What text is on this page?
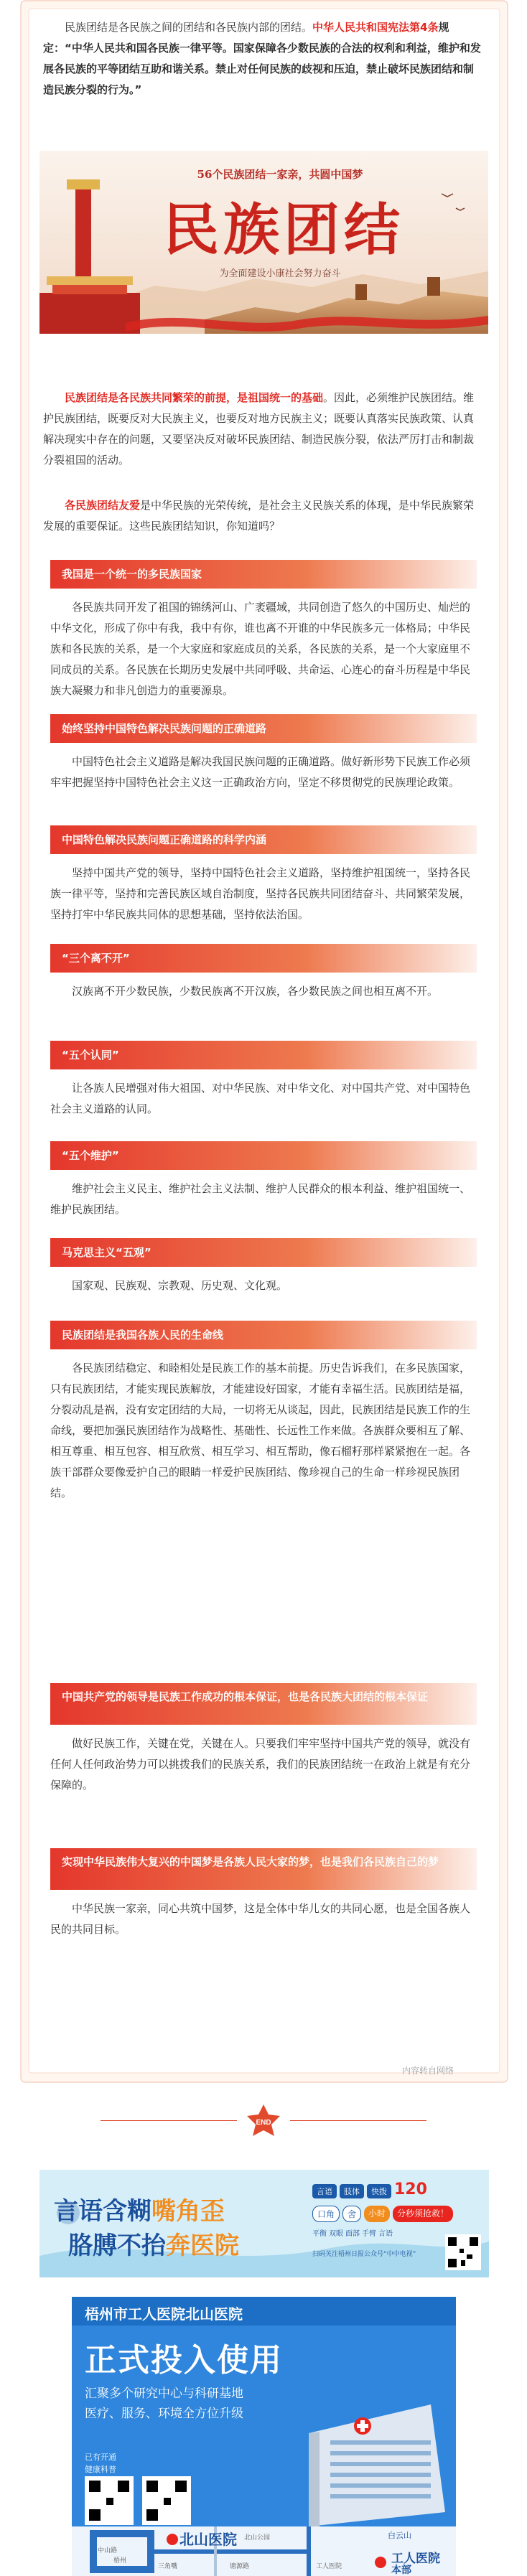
民族团结是各民族之间的团结和各民族内部的团结。中华人民共和国宪法第4条规定：“中华人民共和国各民族一律平等。国家保障各少数民族的合法的权利和利益，维护和发展各民族的平等团结互助和谐关系。禁止对任何民族的歧视和压迫，禁止破坏民族团结和制造民族分裂的行为。”

56个民族团结一家亲，共圆中国梦
民族团结
为全面建设小康社会努力奋斗

民族团结是各民族共同繁荣的前提，是祖国统一的基础。因此，必须维护民族团结。维护民族团结，既要反对大民族主义，也要反对地方民族主义；既要认真落实民族政策、认真解决现实中存在的问题，又要坚决反对破坏民族团结、制造民族分裂，依法严厉打击和制裁分裂祖国的活动。

各民族团结友爱是中华民族的光荣传统，是社会主义民族关系的体现，是中华民族繁荣发展的重要保证。这些民族团结知识，你知道吗？

我国是一个统一的多民族国家

各民族共同开发了祖国的锦绣河山、广袤疆域，共同创造了悠久的中国历史、灿烂的中华文化，形成了你中有我，我中有你，谁也离不开谁的中华民族多元一体格局；中华民族和各民族的关系，是一个大家庭和家庭成员的关系，各民族的关系，是一个大家庭里不同成员的关系。各民族在长期历史发展中共同呼吸、共命运、心连心的奋斗历程是中华民族大凝聚力和非凡创造力的重要源泉。

始终坚持中国特色解决民族问题的正确道路

中国特色社会主义道路是解决我国民族问题的正确道路。做好新形势下民族工作必须牢牢把握坚持中国特色社会主义这一正确政治方向，坚定不移贯彻党的民族理论政策。

中国特色解决民族问题正确道路的科学内涵

坚持中国共产党的领导，坚持中国特色社会主义道路，坚持维护祖国统一，坚持各民族一律平等，坚持和完善民族区域自治制度，坚持各民族共同团结奋斗、共同繁荣发展，坚持打牢中华民族共同体的思想基础，坚持依法治国。

“三个离不开”

汉族离不开少数民族，少数民族离不开汉族，各少数民族之间也相互离不开。

“五个认同”

让各族人民增强对伟大祖国、对中华民族、对中华文化、对中国共产党、对中国特色社会主义道路的认同。

“五个维护”

维护社会主义民主、维护社会主义法制、维护人民群众的根本利益、维护祖国统一、维护民族团结。

马克思主义“五观”

国家观、民族观、宗教观、历史观、文化观。

民族团结是我国各族人民的生命线

各民族团结稳定、和睦相处是民族工作的基本前提。历史告诉我们，在多民族国家，只有民族团结，才能实现民族解放，才能建设好国家，才能有幸福生活。民族团结是福，分裂动乱是祸，没有安定团结的大局，一切将无从谈起，因此，民族团结是民族工作的生命线，要把加强民族团结作为战略性、基础性、长远性工作来做。各族群众要相互了解、相互尊重、相互包容、相互欣赏、相互学习、相互帮助，像石榴籽那样紧紧抱在一起。各族干部群众要像爱护自己的眼睛一样爱护民族团结、像珍视自己的生命一样珍视民族团结。

中国共产党的领导是民族工作成功的根本保证，也是各民族大团结的根本保证

做好民族工作，关键在党，关键在人。只要我们牢牢坚持中国共产党的领导，就没有任何人任何政治势力可以挑拨我们的民族关系，我们的民族团结统一在政治上就是有充分保障的。

实现中华民族伟大复兴的中国梦是各族人民大家的梦，也是我们各民族自己的梦

中华民族一家亲，同心共筑中国梦，这是全体中华儿女的共同心愿，也是全国各族人民的共同目标。

内容转自网络
END
言语含糊嘴角歪
胳膊不抬奔医院
言语	肢体	快拨 120
口角	舍	小时	分秒须抢救！
平衡 双眼 面部 手臂 言语
扫码关注梧州日报公众号“中中电视”
梧州市工人医院北山医院
正式投入使用
汇聚多个研究中心与科研基地
医疗、服务、环境全方位升级
已有开通
健康科普
北山医院	白云山
工人医院
本部
北山公园
中山路
三角嘴	塘源路
梧州
工人医院
